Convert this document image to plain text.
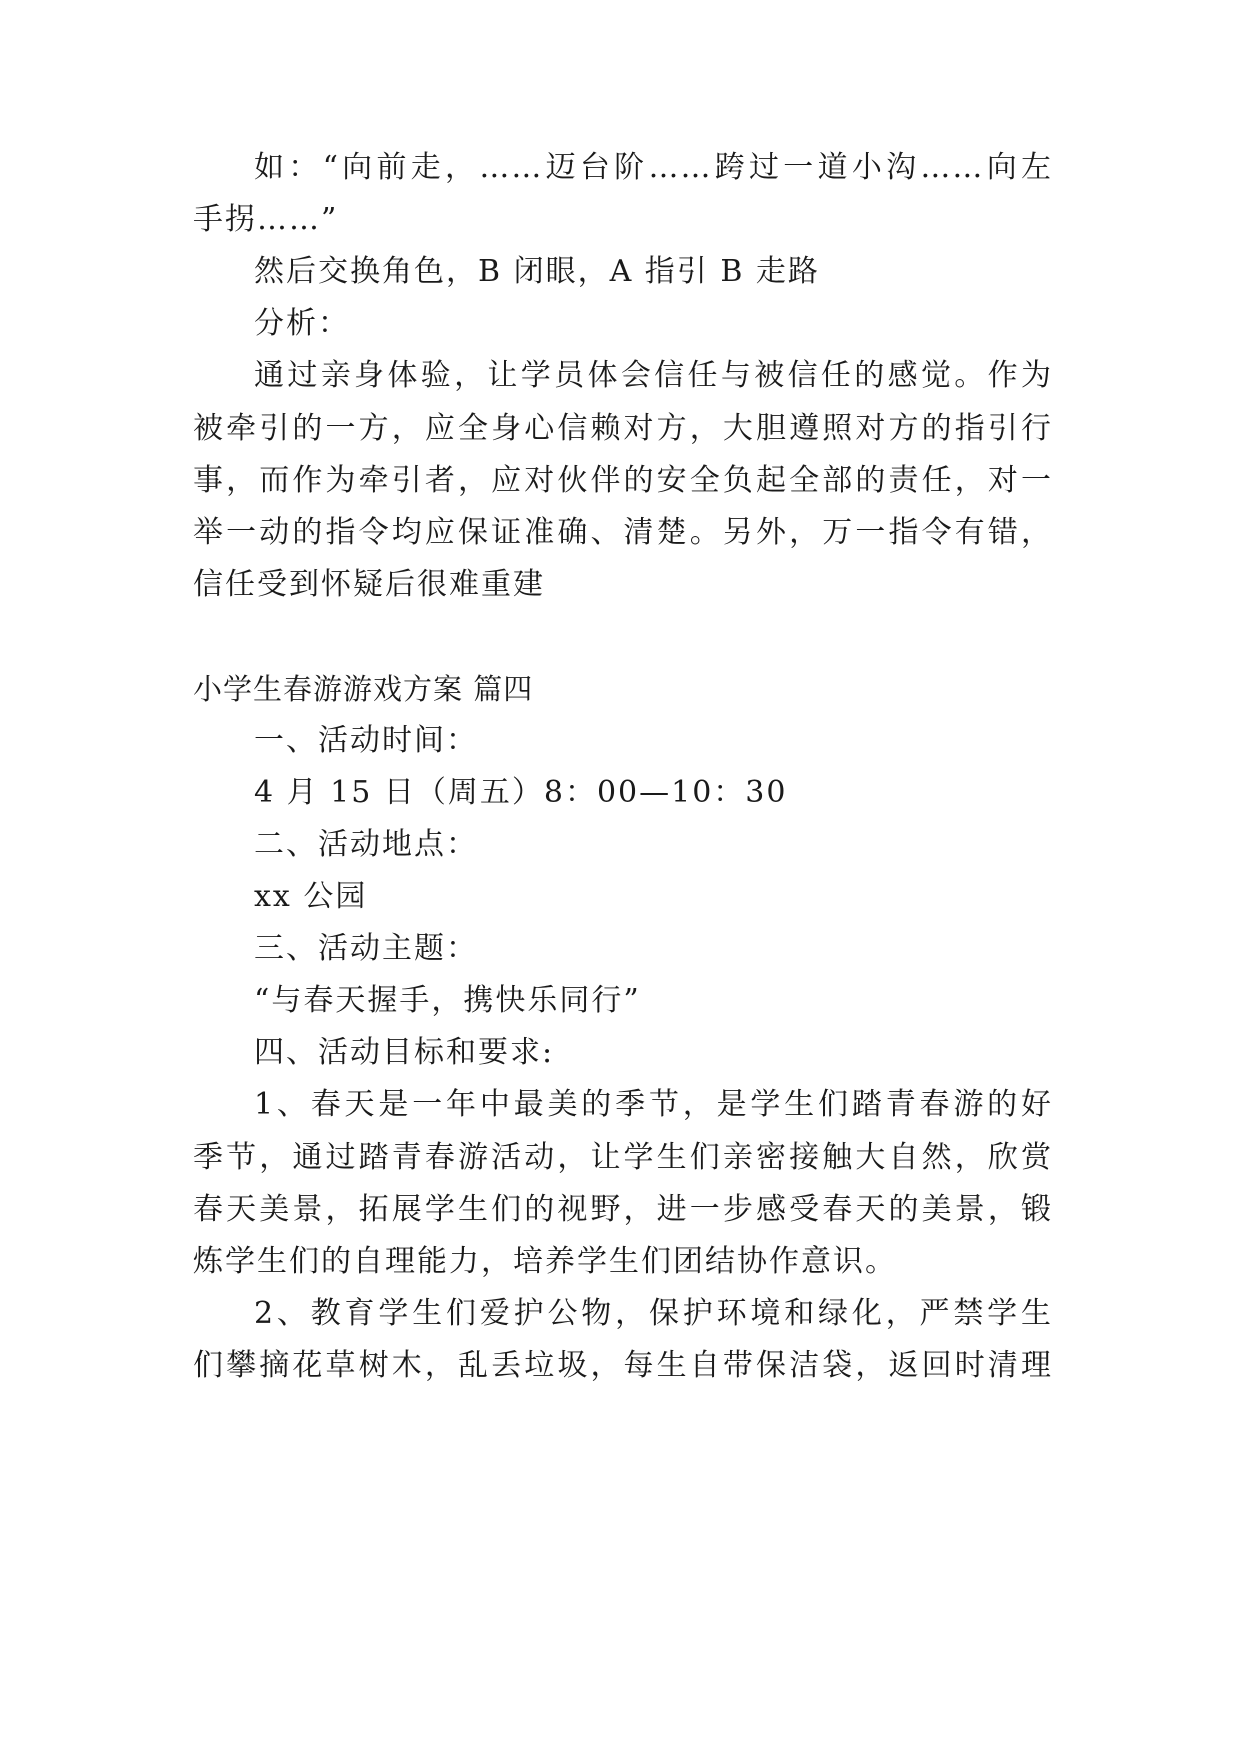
如：“向前走，……迈台阶……跨过一道小沟……向左
手拐……”
然后交换角色，B 闭眼，A 指引 B 走路
分析：
通过亲身体验，让学员体会信任与被信任的感觉。作为
被牵引的一方，应全身心信赖对方，大胆遵照对方的指引行
事，而作为牵引者，应对伙伴的安全负起全部的责任，对一
举一动的指令均应保证准确、清楚。另外，万一指令有错，
信任受到怀疑后很难重建
小学生春游游戏方案 篇四
一、活动时间：
4 月 15 日（周五）8：00—10：30
二、活动地点：
xx 公园
三、活动主题：
“与春天握手，携快乐同行”
四、活动目标和要求:
1、春天是一年中最美的季节，是学生们踏青春游的好
季节，通过踏青春游活动，让学生们亲密接触大自然，欣赏
春天美景，拓展学生们的视野，进一步感受春天的美景，锻
炼学生们的自理能力，培养学生们团结协作意识。
2、教育学生们爱护公物，保护环境和绿化，严禁学生
们攀摘花草树木，乱丢垃圾，每生自带保洁袋，返回时清理
